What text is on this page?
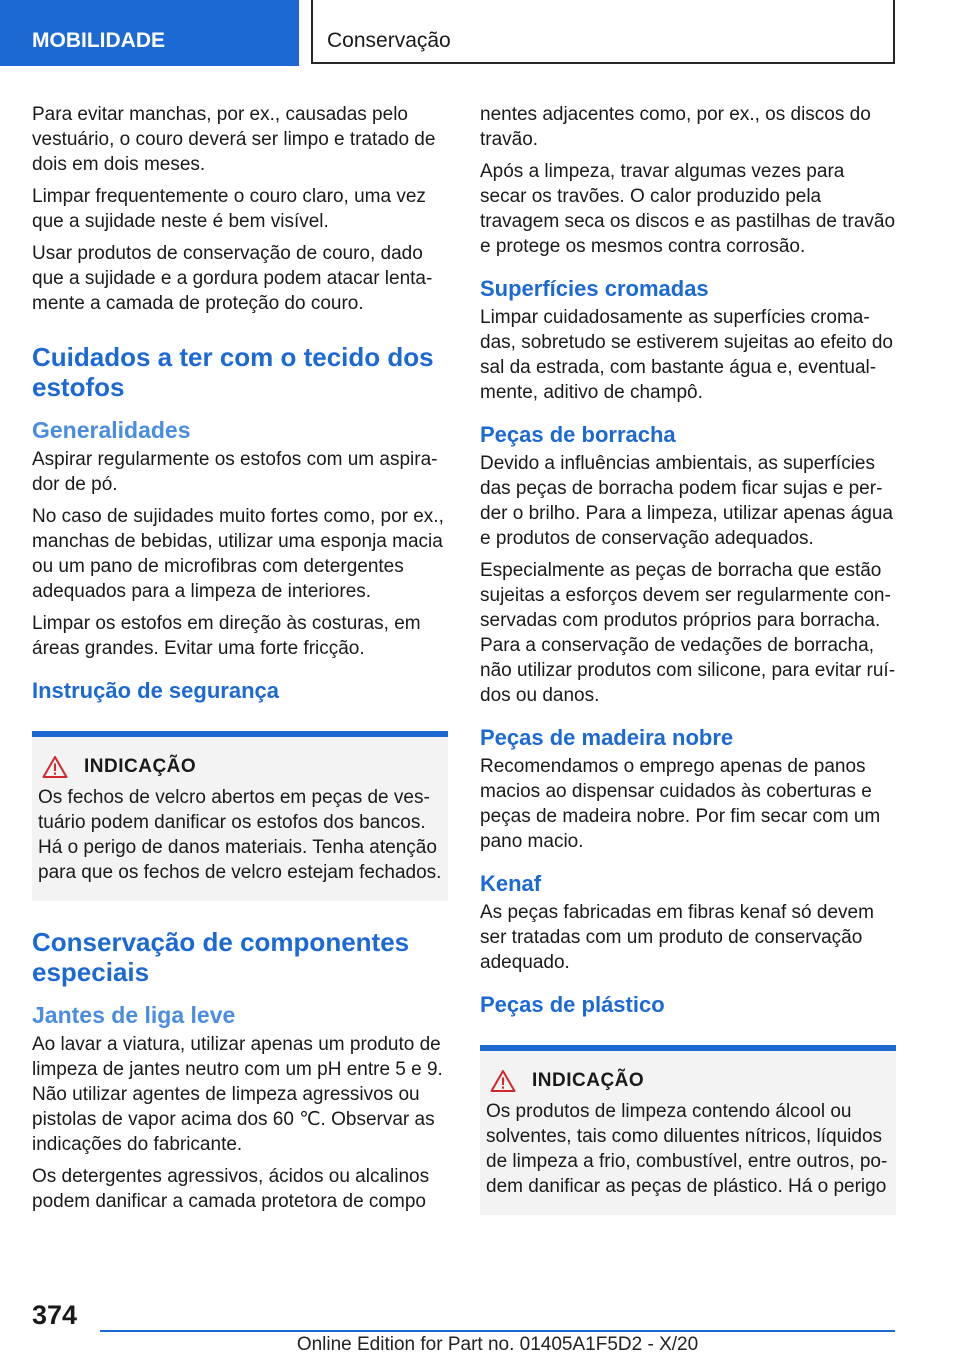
MOBILIDADE	Conservação

Para evitar manchas, por ex., causadas pelo vestuário, o couro deverá ser limpo e tratado de dois em dois meses.

Limpar frequentemente o couro claro, uma vez que a sujidade neste é bem visível.

Usar produtos de conservação de couro, dado que a sujidade e a gordura podem atacar lentamente a camada de proteção do couro.

Cuidados a ter com o tecido dos estofos
Generalidades

Aspirar regularmente os estofos com um aspirador de pó.

No caso de sujidades muito fortes como, por ex., manchas de bebidas, utilizar uma esponja macia ou um pano de microfibras com detergentes adequados para a limpeza de interiores.

Limpar os estofos em direção às costuras, em áreas grandes. Evitar uma forte fricção.

Instrução de segurança
INDICAÇÃO

Os fechos de velcro abertos em peças de vestuário podem danificar os estofos dos bancos. Há o perigo de danos materiais. Tenha atenção para que os fechos de velcro estejam fechados.

Conservação de componentes especiais
Jantes de liga leve

Ao lavar a viatura, utilizar apenas um produto de limpeza de jantes neutro com um pH entre 5 e 9. Não utilizar agentes de limpeza agressivos ou pistolas de vapor acima dos 60 ℃. Observar as indicações do fabricante.

Os detergentes agressivos, ácidos ou alcalinos podem danificar a camada protetora de compo

nentes adjacentes como, por ex., os discos do travão.

Após a limpeza, travar algumas vezes para secar os travões. O calor produzido pela travagem seca os discos e as pastilhas de travão e protege os mesmos contra corrosão.

Superfícies cromadas

Limpar cuidadosamente as superfícies cromadas, sobretudo se estiverem sujeitas ao efeito do sal da estrada, com bastante água e, eventualmente, aditivo de champô.

Peças de borracha

Devido a influências ambientais, as superfícies das peças de borracha podem ficar sujas e perder o brilho. Para a limpeza, utilizar apenas água e produtos de conservação adequados.

Especialmente as peças de borracha que estão sujeitas a esforços devem ser regularmente conservadas com produtos próprios para borracha. Para a conservação de vedações de borracha, não utilizar produtos com silicone, para evitar ruídos ou danos.

Peças de madeira nobre

Recomendamos o emprego apenas de panos macios ao dispensar cuidados às coberturas e peças de madeira nobre. Por fim secar com um pano macio.

Kenaf

As peças fabricadas em fibras kenaf só devem ser tratadas com um produto de conservação adequado.

Peças de plástico
INDICAÇÃO

Os produtos de limpeza contendo álcool ou solventes, tais como diluentes nítricos, líquidos de limpeza a frio, combustível, entre outros, podem danificar as peças de plástico. Há o perigo

374
Online Edition for Part no. 01405A1F5D2 - X/20
